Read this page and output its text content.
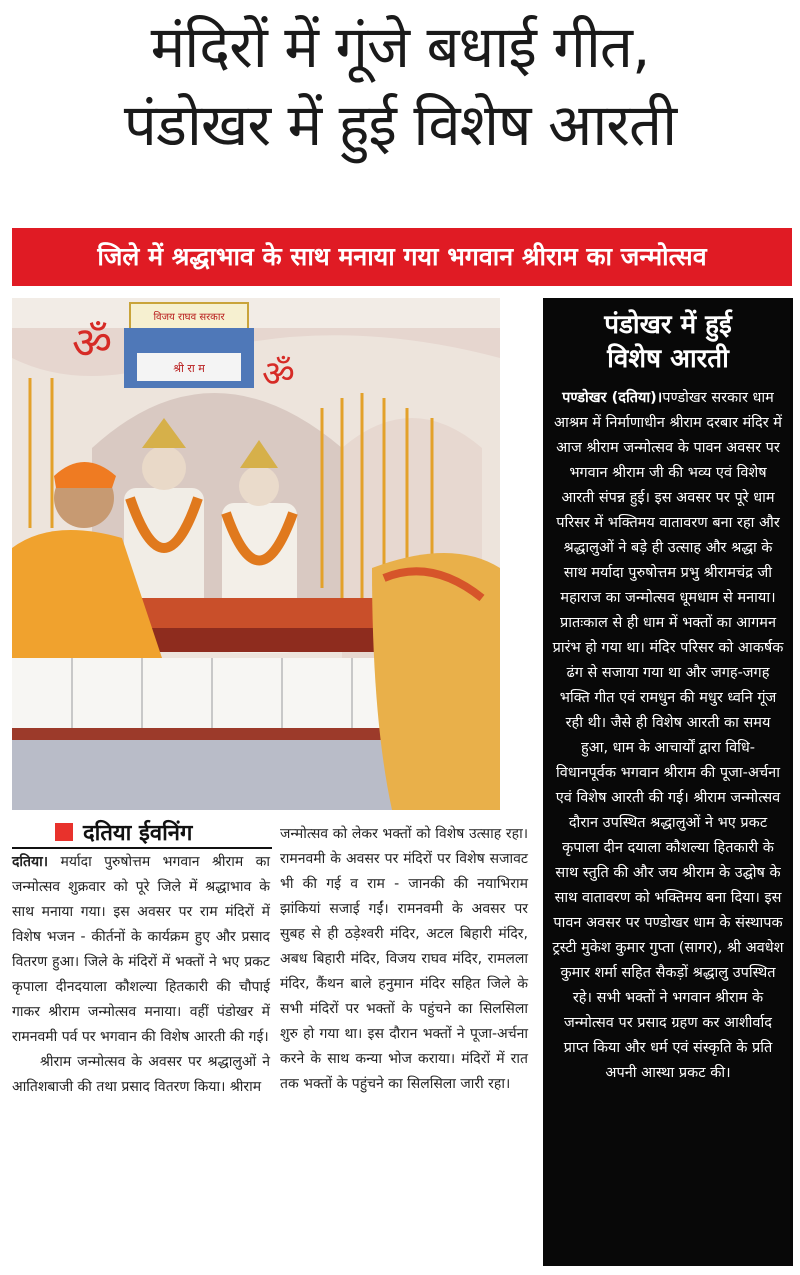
मंदिरों में गूंजे बधाई गीत,
पंडोखर में हुई विशेष आरती
जिले में श्रद्धाभाव के साथ मनाया गया भगवान श्रीराम का जन्मोत्सव
विजय राघव सरकार
श्री रा म
ॐ
ॐ
दतिया ईवनिंग

दतिया। मर्यादा पुरुषोत्तम भगवान श्रीराम का जन्मोत्सव शुक्रवार को पूरे जिले में श्रद्धाभाव के साथ मनाया गया। इस अवसर पर राम मंदिरों में विशेष भजन - कीर्तनों के कार्यक्रम हुए और प्रसाद वितरण हुआ। जिले के मंदिरों में भक्तों ने भए प्रकट कृपाला दीनदयाला कौशल्या हितकारी की चौपाई गाकर श्रीराम जन्मोत्सव मनाया। वहीं पंडोखर में रामनवमी पर्व पर भगवान की विशेष आरती की गई।

श्रीराम जन्मोत्सव के अवसर पर श्रद्धालुओं ने आतिशबाजी की तथा प्रसाद वितरण किया। श्रीराम

जन्मोत्सव को लेकर भक्तों को विशेष उत्साह रहा। रामनवमी के अवसर पर मंदिरों पर विशेष सजावट भी की गई व राम - जानकी की नयाभिराम झांकियां सजाई गईं। रामनवमी के अवसर पर सुबह से ही ठड़ेश्वरी मंदिर, अटल बिहारी मंदिर, अबध बिहारी मंदिर, विजय राघव मंदिर, रामलला मंदिर, कैंथन बाले हनुमान मंदिर सहित जिले के सभी मंदिरों पर भक्तों के पहुंचने का सिलसिला शुरु हो गया था। इस दौरान भक्तों ने पूजा-अर्चना करने के साथ कन्या भोज कराया। मंदिरों में रात तक भक्तों के पहुंचने का सिलसिला जारी रहा।

पंडोखर में हुई
विशेष आरती
पण्डोखर (दतिया)।पण्डोखर सरकार धाम आश्रम में निर्माणाधीन श्रीराम दरबार मंदिर में आज श्रीराम जन्मोत्सव के पावन अवसर पर भगवान श्रीराम जी की भव्य एवं विशेष आरती संपन्न हुई। इस अवसर पर पूरे धाम परिसर में भक्तिमय वातावरण बना रहा और श्रद्धालुओं ने बड़े ही उत्साह और श्रद्धा के साथ मर्यादा पुरुषोत्तम प्रभु श्रीरामचंद्र जी महाराज का जन्मोत्सव धूमधाम से मनाया। प्रातःकाल से ही धाम में भक्तों का आगमन प्रारंभ हो गया था। मंदिर परिसर को आकर्षक ढंग से सजाया गया था और जगह-जगह भक्ति गीत एवं रामधुन की मधुर ध्वनि गूंज रही थी। जैसे ही विशेष आरती का समय हुआ, धाम के आचार्यों द्वारा विधि-विधानपूर्वक भगवान श्रीराम की पूजा-अर्चना एवं विशेष आरती की गई। श्रीराम जन्मोत्सव दौरान उपस्थित श्रद्धालुओं ने भए प्रकट कृपाला दीन दयाला कौशल्या हितकारी के साथ स्तुति की और जय श्रीराम के उद्घोष के साथ वातावरण को भक्तिमय बना दिया। इस पावन अवसर पर पण्डोखर धाम के संस्थापक ट्रस्टी मुकेश कुमार गुप्ता (सागर), श्री अवधेश कुमार शर्मा सहित सैकड़ों श्रद्धालु उपस्थित रहे। सभी भक्तों ने भगवान श्रीराम के जन्मोत्सव पर प्रसाद ग्रहण कर आशीर्वाद प्राप्त किया और धर्म एवं संस्कृति के प्रति अपनी आस्था प्रकट की।
